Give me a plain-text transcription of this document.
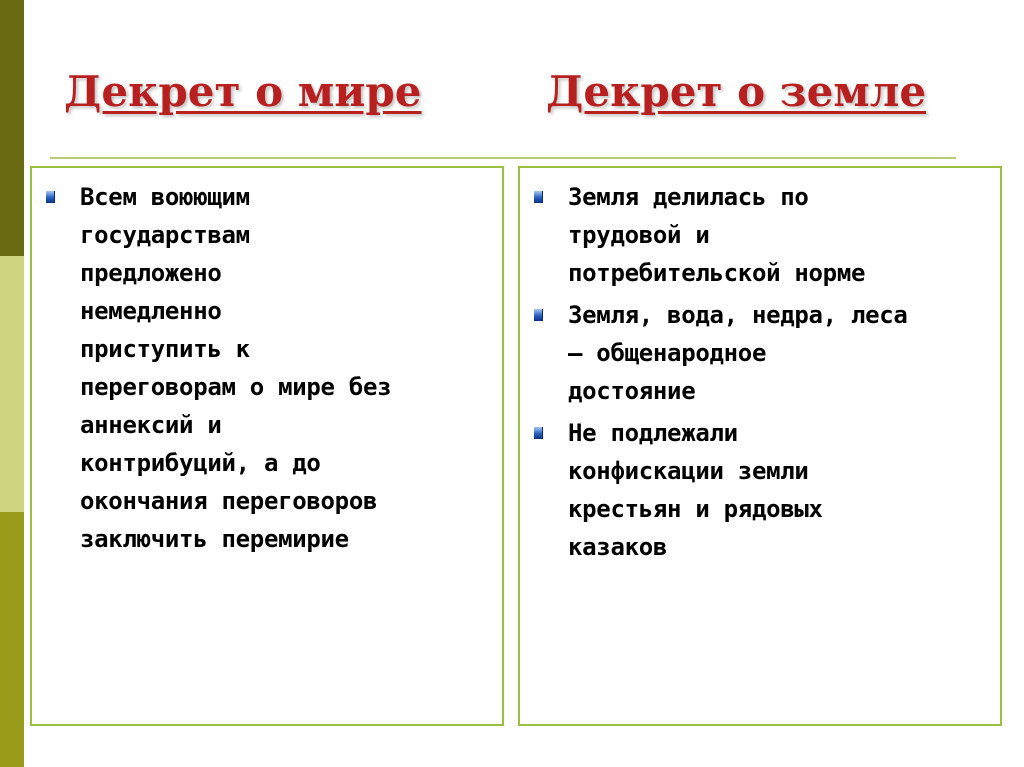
Декрет о мире	Декрет о земле

Всем воюющим
государствам
предложено
немедленно
приступить к
переговорам о мире без
аннексий и
контрибуций, а до
окончания переговоров
заключить перемирие

Земля делилась по
трудовой и
потребительской норме

Земля, вода, недра, леса
– общенародное
достояние

Не подлежали
конфискации земли
крестьян и рядовых
казаков
